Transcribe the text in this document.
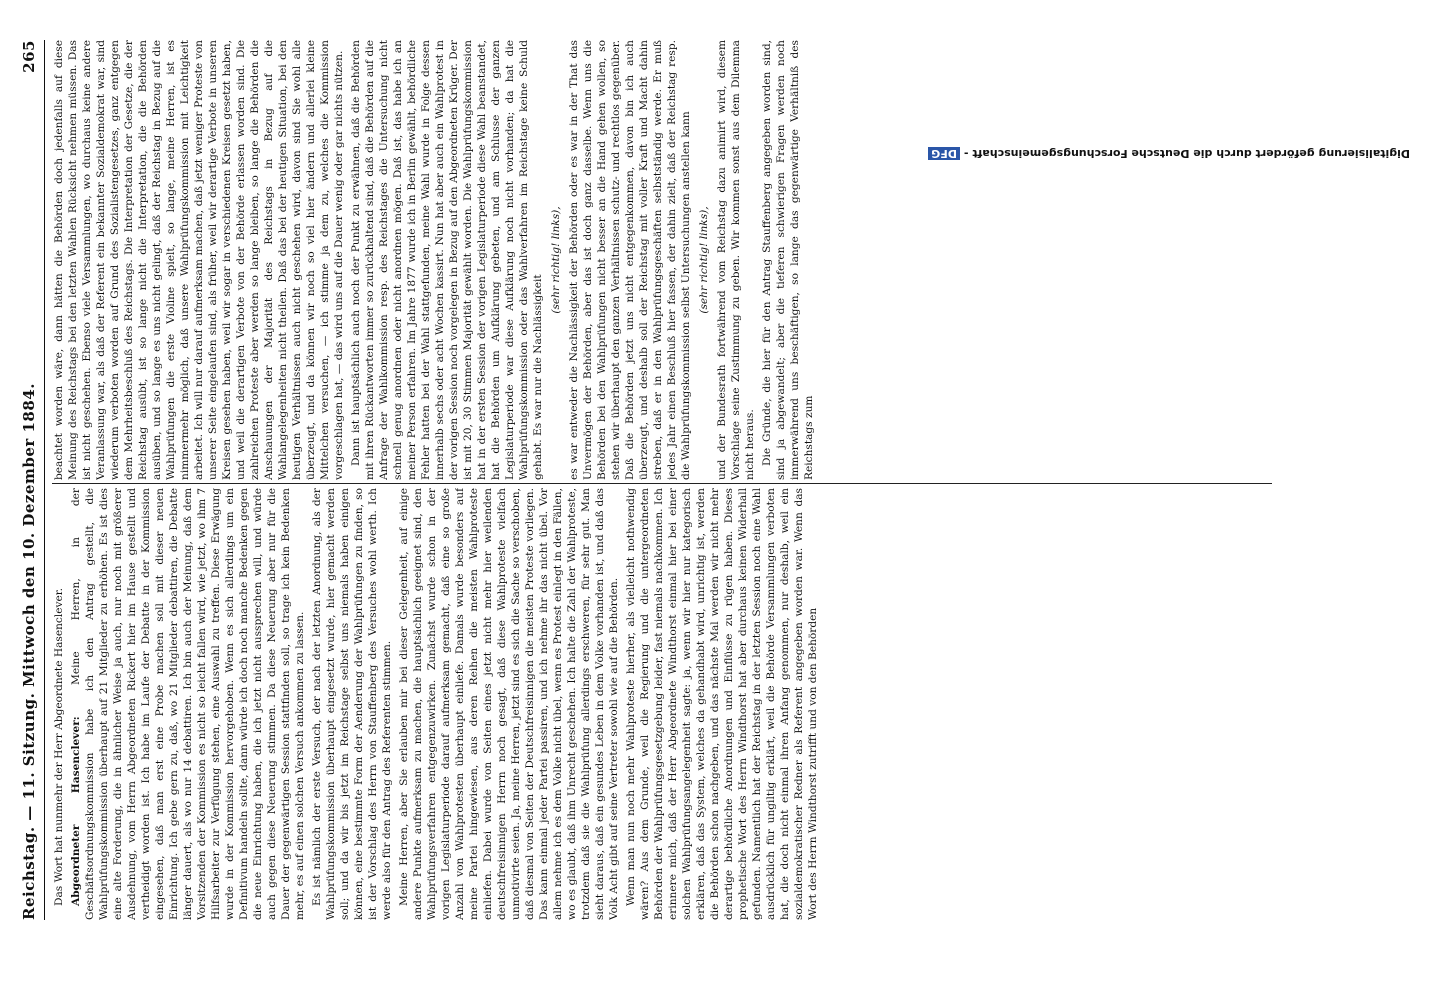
Reichstag. — 11. Sitzung. Mittwoch den 10. Dezember 1884.
265

Das Wort hat nunmehr der Herr Abgeordnete Hasenclever. Abgeordneter Hasenclever: Meine Herren, in der Geschäftsordnungskommission habe ich den Antrag gestellt, die Wahlprüfungskommission überhaupt auf 21 Mitglieder zu erhöhen. Es ist dies eine alte Forderung, die in ähnlicher Weise ja auch, nur noch mit größerer Ausdehnung, vom Herrn Abgeordneten Rickert hier im Hause gestellt und vertheidigt worden ist. Ich habe im Laufe der Debatte in der Kommission eingesehen, daß man erst eine Probe machen soll mit dieser neuen Einrichtung. Ich gebe gern zu, daß, wo 21 Mitglieder debattiren, die Debatte länger dauert, als wo nur 14 debattiren. Ich bin auch der Meinung, daß dem Vorsitzenden der Kommission es nicht so leicht fallen wird, wie jetzt, wo ihm 7 Hilfsarbeiter zur Verfügung stehen, eine Auswahl zu treffen. Diese Erwägung wurde in der Kommission hervorgehoben. Wenn es sich allerdings um ein Definitivum handeln sollte, dann würde ich doch noch manche Bedenken gegen die neue Einrichtung haben, die ich jetzt nicht aussprechen will, und würde auch gegen diese Neuerung stimmen. Da diese Neuerung aber nur für die Dauer der gegenwärtigen Session stattfinden soll, so trage ich kein Bedenken mehr, es auf einen solchen Versuch ankommen zu lassen. Es ist nämlich der erste Versuch, der nach der letzten Anordnung, als der Wahlprüfungskommission überhaupt eingesetzt wurde, hier gemacht werden soll; und da wir bis jetzt im Reichstage selbst uns niemals haben einigen können, eine bestimmte Form der Aenderung der Wahlprüfungen zu finden, so ist der Vorschlag des Herrn von Stauffenberg des Versuches wohl werth. Ich werde also für den Antrag des Referenten stimmen. Meine Herren, aber Sie erlauben mir bei dieser Gelegenheit, auf einige andere Punkte aufmerksam zu machen, die hauptsächlich geeignet sind, den Wahlprüfungsverfahren entgegenzuwirken. Zunächst wurde schon in der vorigen Legislaturperiode darauf aufmerksam gemacht, daß eine so große Anzahl von Wahlprotesten überhaupt einliefe. Damals wurde besonders auf meine Partei hingewiesen, aus deren Reihen die meisten Wahlproteste einliefen. Dabei wurde von Seiten eines jetzt nicht mehr hier weilenden deutschfreisinnigen Herrn noch gesagt, daß diese Wahlproteste vielfach unmotivirte seien. Ja, meine Herren, jetzt sind es sich die Sache so verschoben, daß diesmal von Seiten der Deutschfreisinnigen die meisten Proteste vorliegen. Das kann einmal jeder Partei passiren, und ich nehme ihr das nicht übel. Vor allem nehme ich es dem Volke nicht übel, wenn es Protest einlegt in den Fällen, wo es glaubt, daß ihm Unrecht geschehen. Ich halte die Zahl der Wahlproteste, trotzdem daß sie die Wahlprüfung allerdings erschweren, für sehr gut. Man sieht daraus, daß ein gesundes Leben in dem Volke vorhanden ist, und daß das Volk Acht gibt auf seine Vertreter sowohl wie auf die Behörden. Wenn man nun noch mehr Wahlproteste hierher, als vielleicht nothwendig wären? Aus dem Grunde, weil die Regierung und die untergeordneten Behörden der Wahlprüfungsgesetzgebung leider, fast niemals nachkommen. Ich erinnere mich, daß der Herr Abgeordnete Windthorst einmal hier bei einer solchen Wahlprüfungsangelegenheit sagte: ja, wenn wir hier nur kategorisch erklären, daß das System, welches da gehandhabt wird, unrichtig ist, werden die Behörden schon nachgeben, und das nächste Mal werden wir nicht mehr derartige behördliche Anordnungen und Einflüsse zu rügen haben. Dieses prophetische Wort des Herrn Windthorst hat aber durchaus keinen Widerhall gefunden. Namentlich hat der Reichstag in der letzten Session noch eine Wahl ausdrücklich für ungiltig erklärt, weil die Behörde Versammlungen verboten hat, die doch nicht einmal ihren Anfang genommen, nur deshalb, weil ein sozialdemokratischer Redner als Referent angegeben worden war. Wenn das Wort des Herrn Windthorst zutrifft und von den Behörden

beachtet worden wäre, dann hätten die Behörden doch jedenfalls auf diese Meinung des Reichstags bei den letzten Wahlen Rücksicht nehmen müssen. Das ist nicht geschehen. Ebenso viele Versammlungen, wo durchaus keine andere Veranlassung war, als daß der Referent ein bekannter Sozialdemokrat war, sind wiederum verboten worden auf Grund des Sozialistengesetzes, ganz entgegen dem Mehrheitsbeschluß des Reichstags. Die Interpretation der Gesetze, die der Reichstag ausübt, ist so lange nicht die Interpretation, die die Behörden ausüben, und so lange es uns nicht gelingt, daß der Reichstag in Bezug auf die Wahlprüfungen die erste Violine spielt, so lange, meine Herren, ist es nimmermehr möglich, daß unsere Wahlprüfungskommission mit Leichtigkeit arbeitet. Ich will nur darauf aufmerksam machen, daß jetzt weniger Proteste von unserer Seite eingelaufen sind, als früher, weil wir derartige Verbote in unseren Kreisen gesehen haben, weil wir sogar in verschiedenen Kreisen gesetzt haben, und weil die derartigen Verbote von der Behörde erlassen worden sind. Die zahlreichen Proteste aber werden so lange bleiben, so lange die Behörden die Anschauungen der Majorität des Reichstags in Bezug auf die Wahlangelegenheiten nicht theilen. Daß das bei der heutigen Situation, bei den heutigen Verhältnissen auch nicht geschehen wird, davon sind Sie wohl alle überzeugt, und da können wir noch so viel hier ändern und allerlei kleine Mittelchen versuchen, — ich stimme ja dem zu, welches die Kommission vorgeschlagen hat, — das wird uns auf die Dauer wenig oder gar nichts nützen. Dann ist hauptsächlich auch noch der Punkt zu erwähnen, daß die Behörden mit ihren Rückantworten immer so zurückhaltend sind, daß die Behörden auf die Anfrage der Wahlkommission resp. des Reichstages die Untersuchung nicht schnell genug anordnen oder nicht anordnen mögen. Daß ist, das habe ich an meiner Person erfahren. Im Jahre 1877 wurde ich in Berlin gewählt, behördliche Fehler hatten bei der Wahl stattgefunden, meine Wahl wurde in Folge dessen innerhalb sechs oder acht Wochen kassirt. Nun hat aber auch ein Wahlprotest in der vorigen Session noch vorgelegen in Bezug auf den Abgeordneten Krüger. Der ist mit 20, 30 Stimmen Majorität gewählt worden. Die Wahlprüfungskommission hat in der ersten Session der vorigen Legislaturperiode diese Wahl beanstandet, hat die Behörden um Aufklärung gebeten, und am Schlusse der ganzen Legislaturperiode war diese Aufklärung noch nicht vorhanden; da hat die Wahlprüfungskommission oder das Wahlverfahren im Reichstage keine Schuld gehabt. Es war nur die Nachlässigkeit

(sehr richtig! links), es war entweder die Nachlässigkeit der Behörden oder es war in der That das Unvermögen der Behörden, aber das ist doch ganz dasselbe. Wenn uns die Behörden bei den Wahlprüfungen nicht besser an die Hand gehen wollen, so stehen wir überhaupt den ganzen Verhältnissen schutz- und rechtlos gegenüber. Daß die Behörden jetzt uns nicht entgegenkommen, davon bin ich auch überzeugt, und deshalb soll der Reichstag mit voller Kraft und Macht dahin streben, daß er in den Wahlprüfungsgeschäften selbstständig werde. Er muß jedes Jahr einen Beschluß hier fassen, der dahin zielt, daß der Reichstag resp. die Wahlprüfungskommission selbst Untersuchungen anstellen kann (sehr richtig! links), und der Bundesrath fortwährend vom Reichstag dazu animirt wird, diesem Vorschlage seine Zustimmung zu geben. Wir kommen sonst aus dem Dilemma nicht heraus. Die Gründe, die hier für den Antrag Stauffenberg angegeben worden sind, sind ja abgewandelt; aber die tieferen schwierigen Fragen werden noch immerwährend uns beschäftigen, so lange das gegenwärtige Verhältniß des Reichstags zum

Digitalisierung gefördert durch die Deutsche Forschungsgemeinschaft -DFG
